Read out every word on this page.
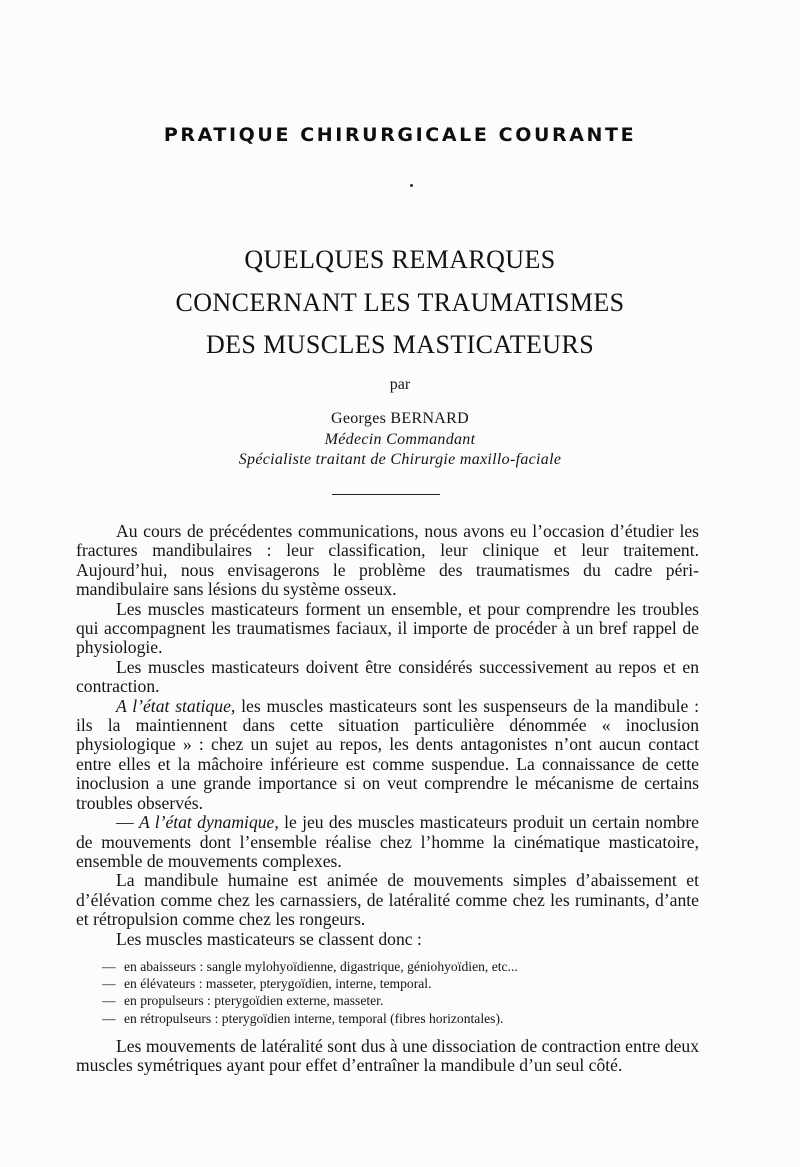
PRATIQUE CHIRURGICALE COURANTE
QUELQUES REMARQUES
CONCERNANT LES TRAUMATISMES
DES MUSCLES MASTICATEURS
par
Georges BERNARD
Médecin Commandant
Spécialiste traitant de Chirurgie maxillo-faciale

Au cours de précédentes communications, nous avons eu l’occasion d’étudier les fractures mandibulaires : leur classification, leur clinique et leur traitement. Aujourd’hui, nous envisagerons le problème des traumatismes du cadre péri-mandibulaire sans lésions du système osseux.

Les muscles masticateurs forment un ensemble, et pour comprendre les troubles qui accompagnent les traumatismes faciaux, il importe de procéder à un bref rappel de physiologie.

Les muscles masticateurs doivent être considérés successivement au repos et en contraction.

A l’état statique, les muscles masticateurs sont les suspenseurs de la mandibule : ils la maintiennent dans cette situation particulière dénommée « inoclusion physiologique » : chez un sujet au repos, les dents antagonistes n’ont aucun contact entre elles et la mâchoire inférieure est comme suspendue. La connaissance de cette inoclusion a une grande importance si on veut comprendre le mécanisme de certains troubles observés.

— A l’état dynamique, le jeu des muscles masticateurs produit un certain nombre de mouvements dont l’ensemble réalise chez l’homme la cinématique masticatoire, ensemble de mouvements complexes.

La mandibule humaine est animée de mouvements simples d’abaissement et d’élévation comme chez les carnassiers, de latéralité comme chez les ruminants, d’ante et rétropulsion comme chez les rongeurs.

Les muscles masticateurs se classent donc :

— en abaisseurs : sangle mylohyoïdienne, digastrique, géniohyoïdien, etc...
— en élévateurs : masseter, pterygoïdien, interne, temporal.
— en propulseurs : pterygoïdien externe, masseter.
— en rétropulseurs : pterygoïdien interne, temporal (fibres horizontales).

Les mouvements de latéralité sont dus à une dissociation de contraction entre deux muscles symétriques ayant pour effet d’entraîner la mandibule d’un seul côté.
